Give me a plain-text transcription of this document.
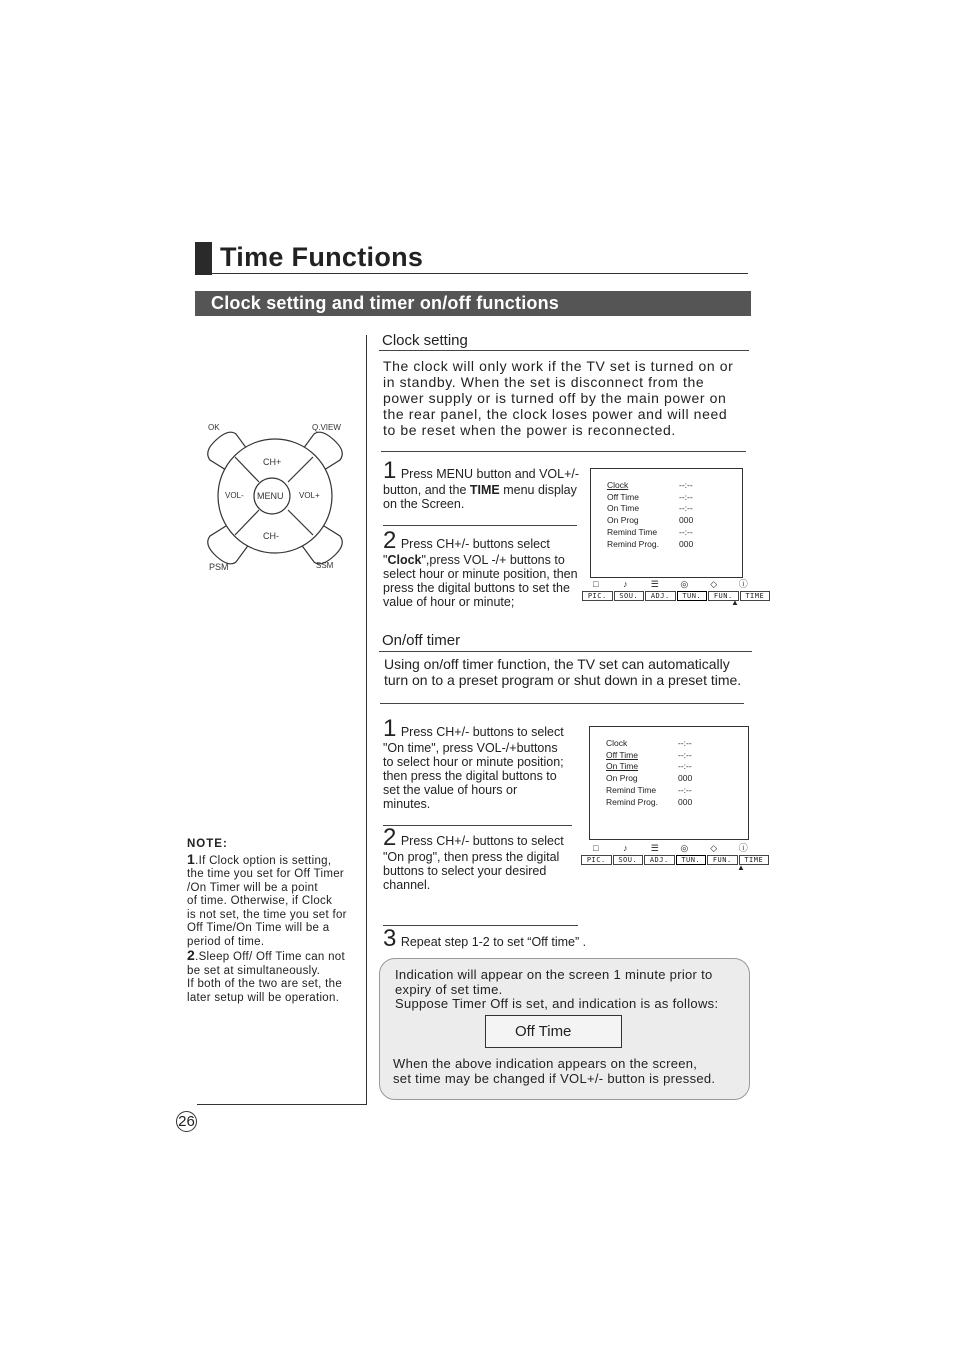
Time Functions
Clock setting and timer on/off functions
26
OK	Q.VIEW
CH+
VOL- MENU VOL+
CH-
PSM	SSM
NOTE:
1.If Clock option is setting,
the time you set for Off Timer
/On Timer will be a point
of time. Otherwise, if Clock
is not set, the time you set for
Off Time/On Time will be a
period of time.
2.Sleep Off/ Off Time can not
be set at simultaneously.
If both of the two are set, the
later setup will be operation.
Clock setting
The clock will only work if the TV set is turned on or
in standby. When the set is disconnect from the
power supply or is turned off by the main power on
the rear panel, the clock loses power and will need
to be reset when the power is reconnected.
1 Press MENU button and VOL+/-
button, and the TIME menu display
on the Screen.
2 Press CH+/- buttons select
"Clock",press VOL -/+ buttons to
select hour or minute position, then
press the digital buttons to set the
value of hour or minute;
Clock	--:--
Off Time	--:--
On Time	--:--
On Prog	000
Remind Time	--:--
Remind Prog.	000
□	♪	☰	◎	◇	ⓘ
PIC.	SOU.	ADJ.	TUN.	FUN.	TIME
▲
On/off timer
Using on/off timer function, the TV set can automatically
turn on to a preset program or shut down in a preset time.
1 Press CH+/- buttons to select
"On time", press VOL-/+buttons
to select hour or minute position;
then press the digital buttons to
set the value of hours or
minutes.
2 Press CH+/- buttons to select
"On prog", then press the digital
buttons to select your desired
channel.
3 Repeat step 1-2 to set “Off time” .
Clock	--:--
Off Time	--:--
On Time	--:--
On Prog	000
Remind Time	--:--
Remind Prog.	000
□	♪	☰	◎	◇	ⓘ
PIC.	SOU.	ADJ.	TUN.	FUN.	TIME
▲
Indication will appear on the screen 1 minute prior to
expiry of set time.
Suppose Timer Off is set, and indication is as follows:
Off Time
When the above indication appears on the screen,
set time may be changed if VOL+/- button is pressed.
